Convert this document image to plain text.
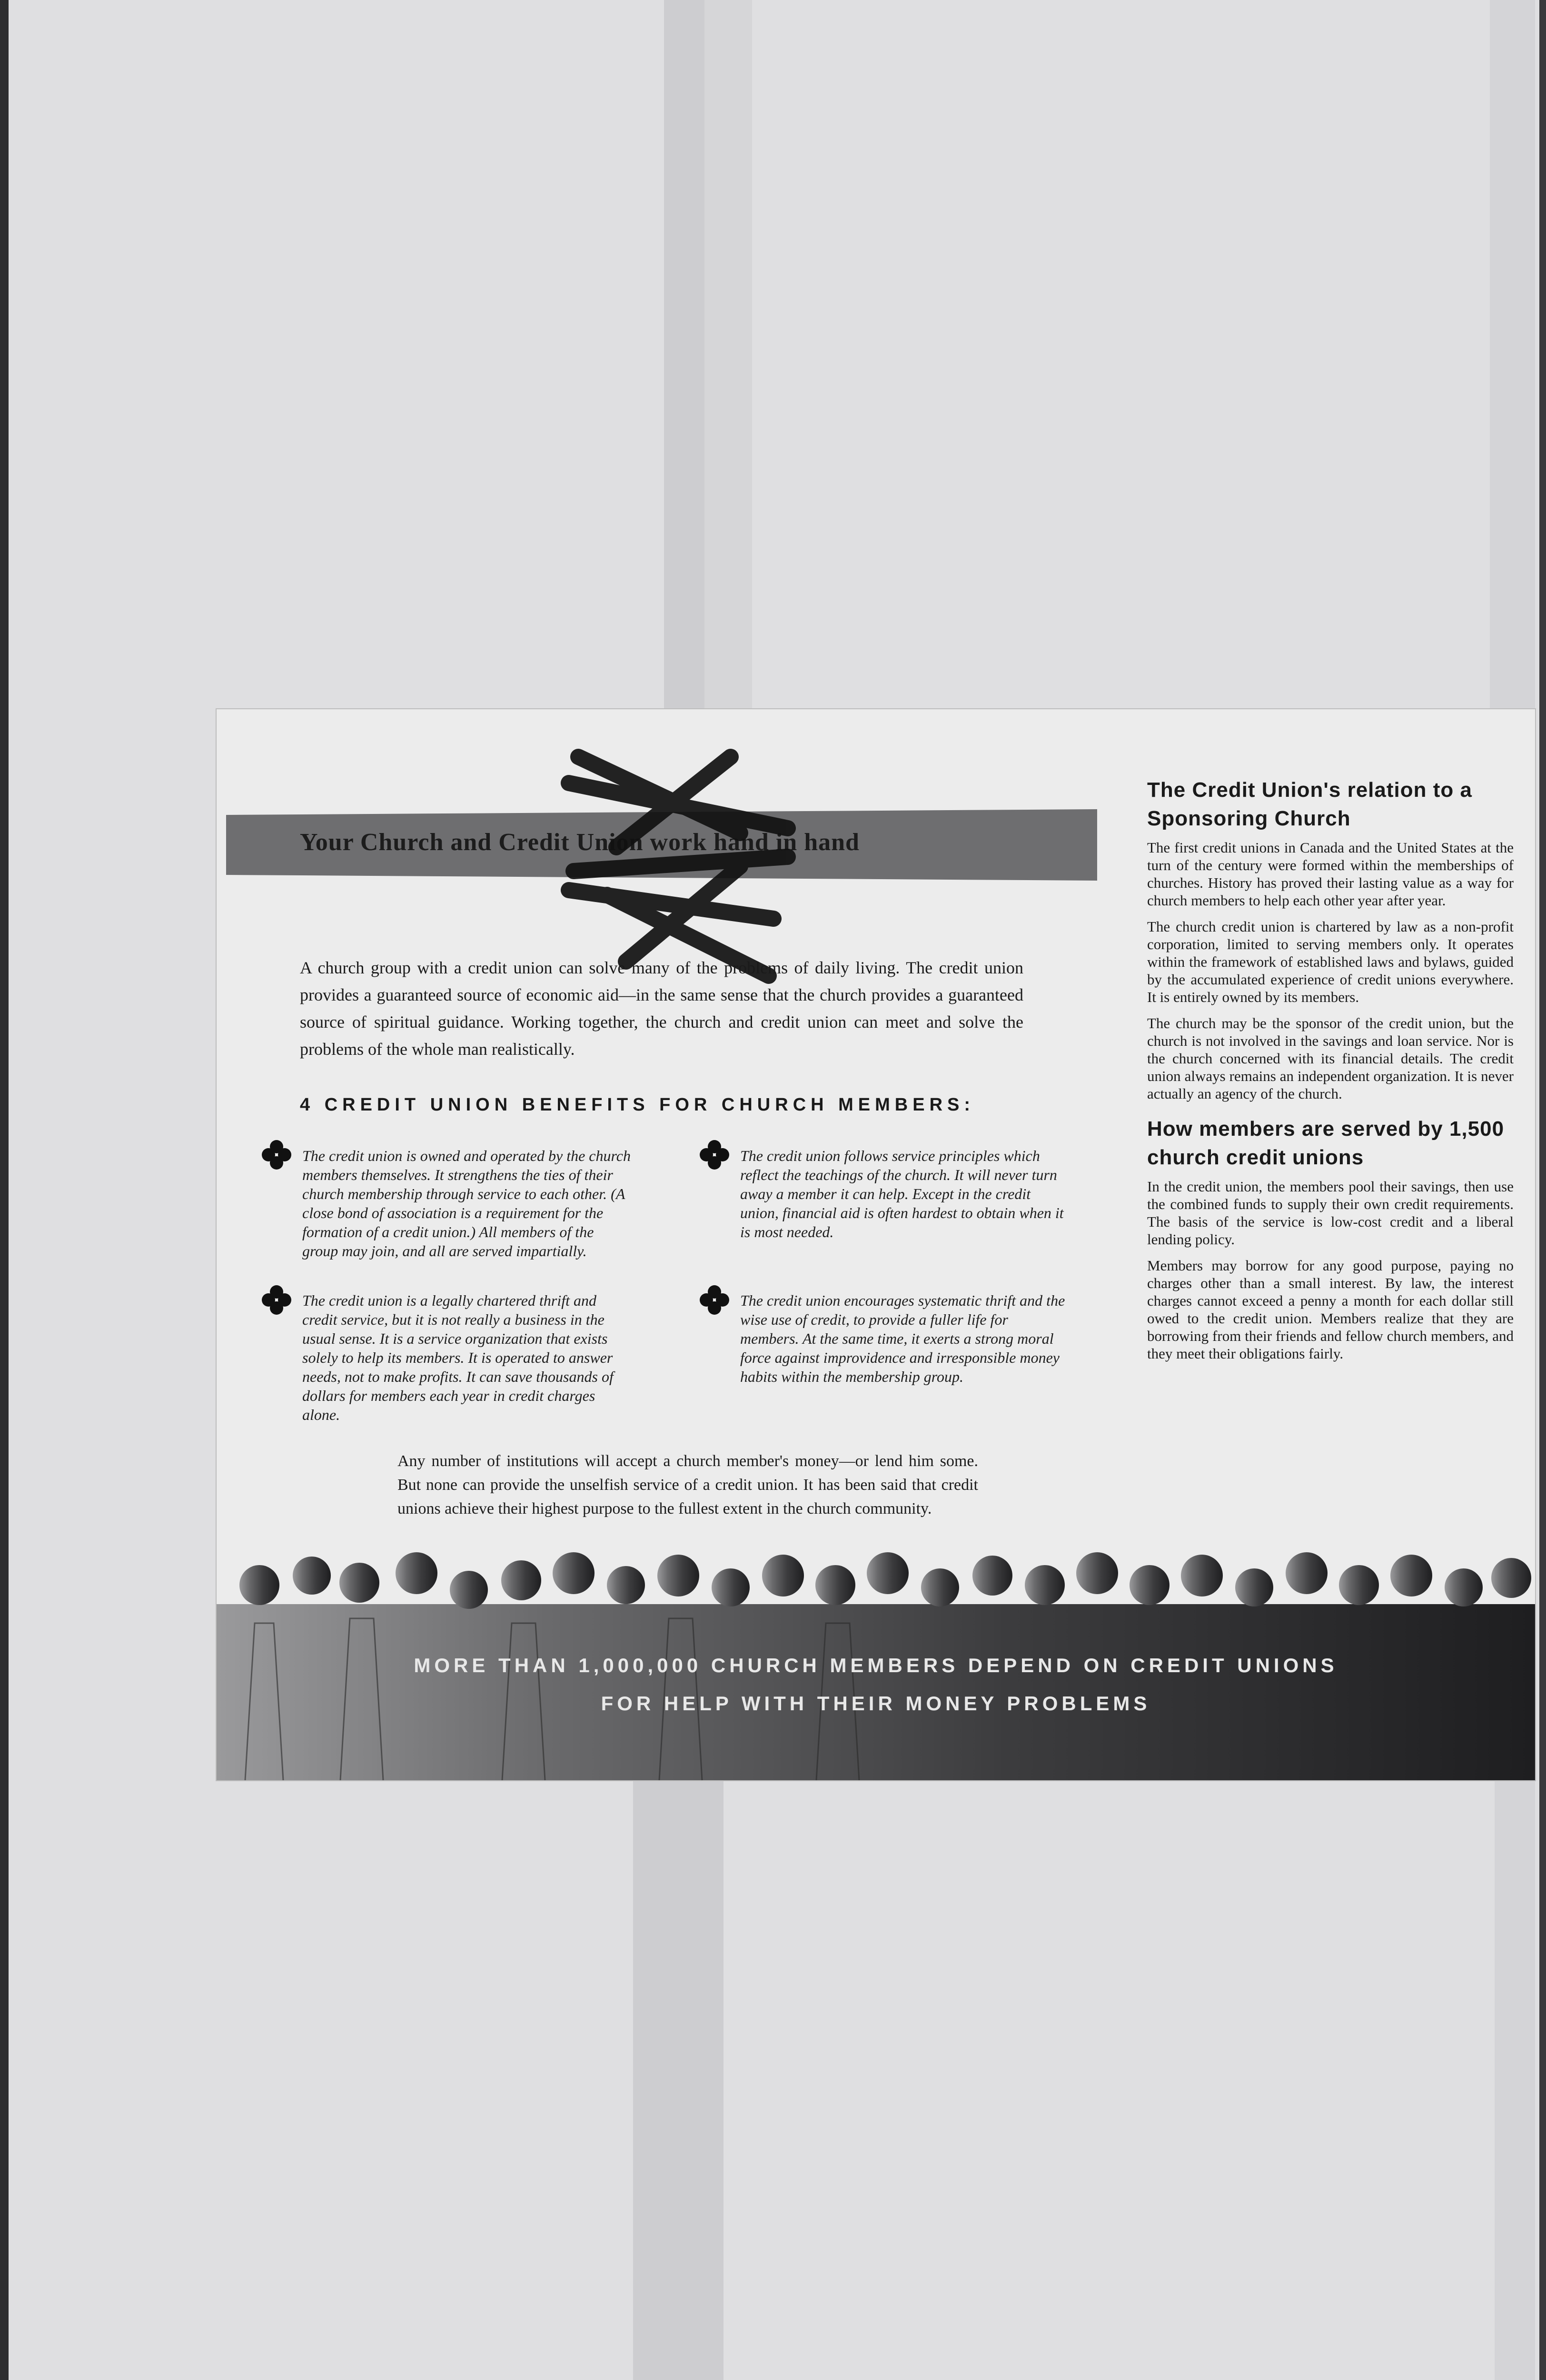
Your Church and Credit Union work hand in hand
A church group with a credit union can solve many of the problems of daily living. The credit union provides a guaranteed source of economic aid—in the same sense that the church provides a guaranteed source of spiritual guidance. Working together, the church and credit union can meet and solve the problems of the whole man realistically.
4 CREDIT UNION BENEFITS FOR CHURCH MEMBERS:
The credit union is owned and operated by the church members themselves. It strengthens the ties of their church membership through service to each other. (A close bond of association is a requirement for the formation of a credit union.) All members of the group may join, and all are served impartially.
The credit union follows service principles which reflect the teachings of the church. It will never turn away a member it can help. Except in the credit union, financial aid is often hardest to obtain when it is most needed.
The credit union is a legally chartered thrift and credit service, but it is not really a business in the usual sense. It is a service organization that exists solely to help its members. It is operated to answer needs, not to make profits. It can save thousands of dollars for members each year in credit charges alone.
The credit union encourages systematic thrift and the wise use of credit, to provide a fuller life for members. At the same time, it exerts a strong moral force against improvidence and irresponsible money habits within the membership group.
Any number of institutions will accept a church member's money—or lend him some. But none can provide the unselfish service of a credit union. It has been said that credit unions achieve their highest purpose to the fullest extent in the church community.
The Credit Union's relation to a Sponsoring Church

The first credit unions in Canada and the United States at the turn of the century were formed within the memberships of churches. History has proved their lasting value as a way for church members to help each other year after year.

The church credit union is chartered by law as a non-profit corporation, limited to serving members only. It operates within the framework of established laws and bylaws, guided by the accumulated experience of credit unions everywhere. It is entirely owned by its members.

The church may be the sponsor of the credit union, but the church is not involved in the savings and loan service. Nor is the church concerned with its financial details. The credit union always remains an independent organization. It is never actually an agency of the church.

How members are served by 1,500 church credit unions

In the credit union, the members pool their savings, then use the combined funds to supply their own credit requirements. The basis of the service is low-cost credit and a liberal lending policy.

Members may borrow for any good purpose, paying no charges other than a small interest. By law, the interest charges cannot exceed a penny a month for each dollar still owed to the credit union. Members realize that they are borrowing from their friends and fellow church members, and they meet their obligations fairly.

MORE THAN 1,000,000 CHURCH MEMBERS DEPEND ON CREDIT UNIONS
FOR HELP WITH THEIR MONEY PROBLEMS
